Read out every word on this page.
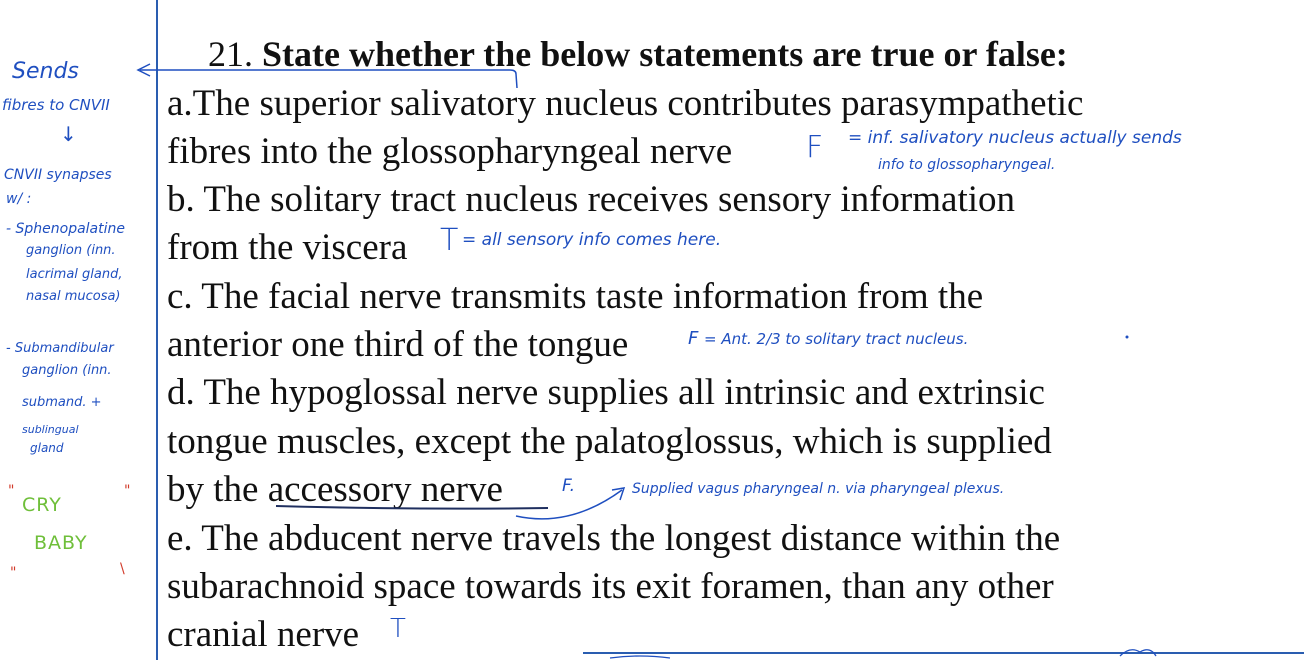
21. State whether the below statements are true or false:
a.The superior salivatory nucleus contributes parasympathetic
fibres into the glossopharyngeal nerve
b. The solitary tract nucleus receives sensory information
from the viscera
c. The facial nerve transmits taste information from the
anterior one third of the tongue
d. The hypoglossal nerve supplies all intrinsic and extrinsic
tongue muscles, except the palatoglossus, which is supplied
by the accessory nerve
e. The abducent nerve travels the longest distance within the
subarachnoid space towards its exit foramen, than any other
cranial nerve
F = inf. salivatory nucleus actually sends
info to glossopharyngeal.
T = all sensory info comes here.
F = Ant. 2/3 to solitary tract nucleus.
F.	Supplied vagus pharyngeal n. via pharyngeal plexus.
T
Sends
fibres to CNVII
↓
CNVII synapses
w/ :
- Sphenopalatine
ganglion (inn.
lacrimal gland,
nasal mucosa)
- Submandibular
ganglion (inn.
submand. +
sublingual
gland
CRY
BABY
"	"
"	\
